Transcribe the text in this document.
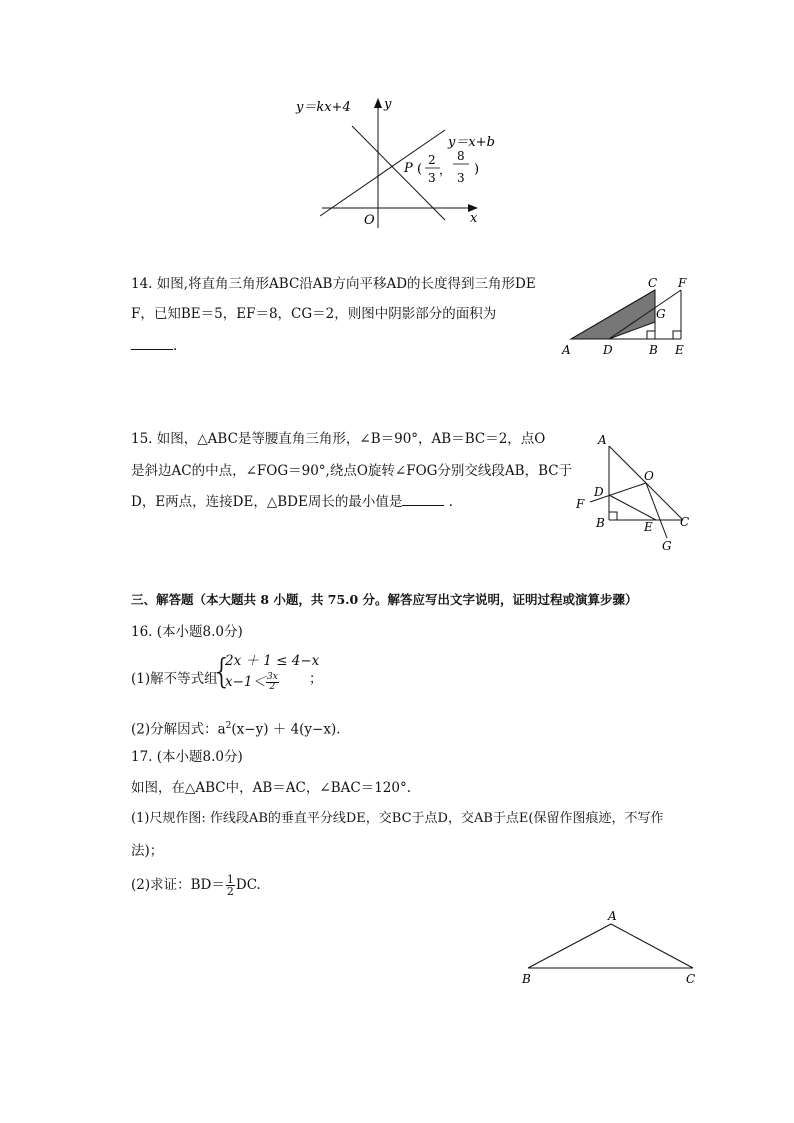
y＝kx+4	y
y＝x+b
P (
2
3
，
8
3
)
O	x
14. 如图,将直角三角形ABC沿AB方向平移AD的长度得到三角形DE
F，已知BE＝5，EF＝8，CG＝2，则图中阴影部分的面积为
.
C F
G
A	D	B E
15. 如图，△ABC是等腰直角三角形，∠B＝90°，AB＝BC＝2，点O
是斜边AC的中点，∠FOG＝90°,绕点O旋转∠FOG分别交线段AB，BC于
D，E两点，连接DE，△BDE周长的最小值是	.
A
O
D
F
B	E C
G
三、解答题（本大题共 8 小题，共 75.0 分。解答应写出文字说明，证明过程或演算步骤）
16. (本小题8.0分)
(1)解不等式组
{
2x ＋ 1 ≤ 4−x
$x-1< \frac{3x}{2}$ ；
(2)分解因式：$a^2(x-y) + 4(y-x)$.
17. (本小题8.0分)
如图，在△ABC中，AB＝AC，∠BAC＝120°.
(1)尺规作图: 作线段AB的垂直平分线DE，交BC于点D，交AB于点E(保留作图痕迹，不写作
法)；
(2)求证：$BD= \frac{1}{2}$ DC.
A
B	C
